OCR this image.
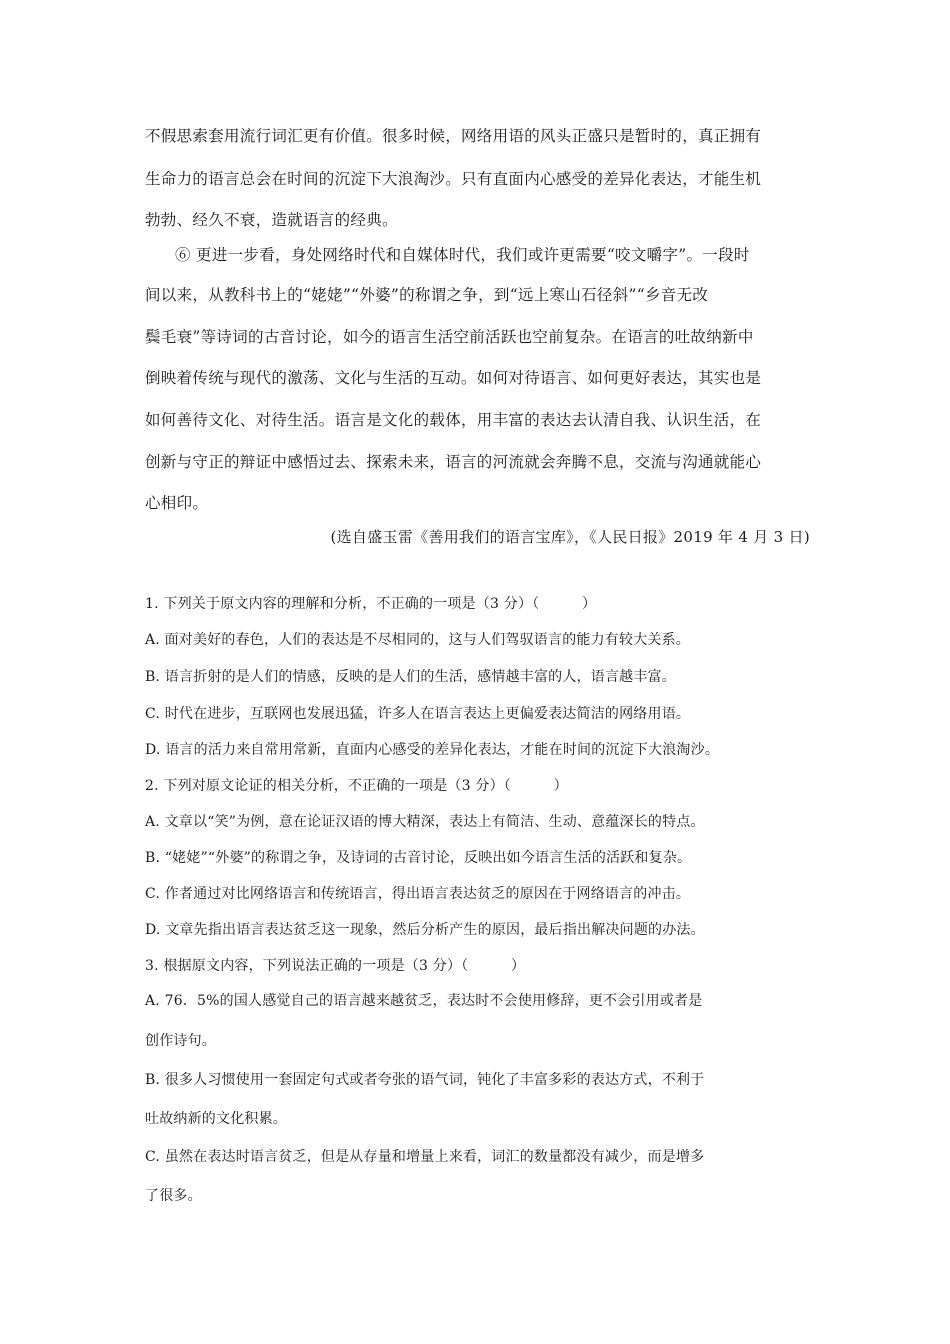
不假思索套用流行词汇更有价值。很多时候，网络用语的风头正盛只是暂时的，真正拥有
生命力的语言总会在时间的沉淀下大浪淘沙。只有直面内心感受的差异化表达，才能生机
勃勃、经久不衰，造就语言的经典。
⑥ 更进一步看，身处网络时代和自媒体时代，我们或许更需要“咬文嚼字”。一段时
间以来，从教科书上的“姥姥”“外婆”的称谓之争，到“远上寒山石径斜”“乡音无改
鬓毛衰”等诗词的古音讨论，如今的语言生活空前活跃也空前复杂。在语言的吐故纳新中
倒映着传统与现代的激荡、文化与生活的互动。如何对待语言、如何更好表达，其实也是
如何善待文化、对待生活。语言是文化的载体，用丰富的表达去认清自我、认识生活，在
创新与守正的辩证中感悟过去、探索未来，语言的河流就会奔腾不息，交流与沟通就能心
心相印。
(选自盛玉雷《善用我们的语言宝库》，《人民日报》2019 年 4 月 3 日)
1. 下列关于原文内容的理解和分析，不正确的一项是（3 分）（　　　）
A. 面对美好的春色，人们的表达是不尽相同的，这与人们驾驭语言的能力有较大关系。
B. 语言折射的是人们的情感，反映的是人们的生活，感情越丰富的人，语言越丰富。
C. 时代在进步，互联网也发展迅猛，许多人在语言表达上更偏爱表达简洁的网络用语。
D. 语言的活力来自常用常新，直面内心感受的差异化表达，才能在时间的沉淀下大浪淘沙。
2. 下列对原文论证的相关分析，不正确的一项是（3 分）（　　　）
A. 文章以“笑”为例，意在论证汉语的博大精深，表达上有简洁、生动、意蕴深长的特点。
B. “姥姥”“外婆”的称谓之争，及诗词的古音讨论，反映出如今语言生活的活跃和复杂。
C. 作者通过对比网络语言和传统语言，得出语言表达贫乏的原因在于网络语言的冲击。
D. 文章先指出语言表达贫乏这一现象，然后分析产生的原因，最后指出解决问题的办法。
3. 根据原文内容，下列说法正确的一项是（3 分）（　　　）
A. 76．5%的国人感觉自己的语言越来越贫乏，表达时不会使用修辞，更不会引用或者是
创作诗句。
B. 很多人习惯使用一套固定句式或者夸张的语气词，钝化了丰富多彩的表达方式，不利于
吐故纳新的文化积累。
C. 虽然在表达时语言贫乏，但是从存量和增量上来看，词汇的数量都没有减少，而是增多
了很多。
